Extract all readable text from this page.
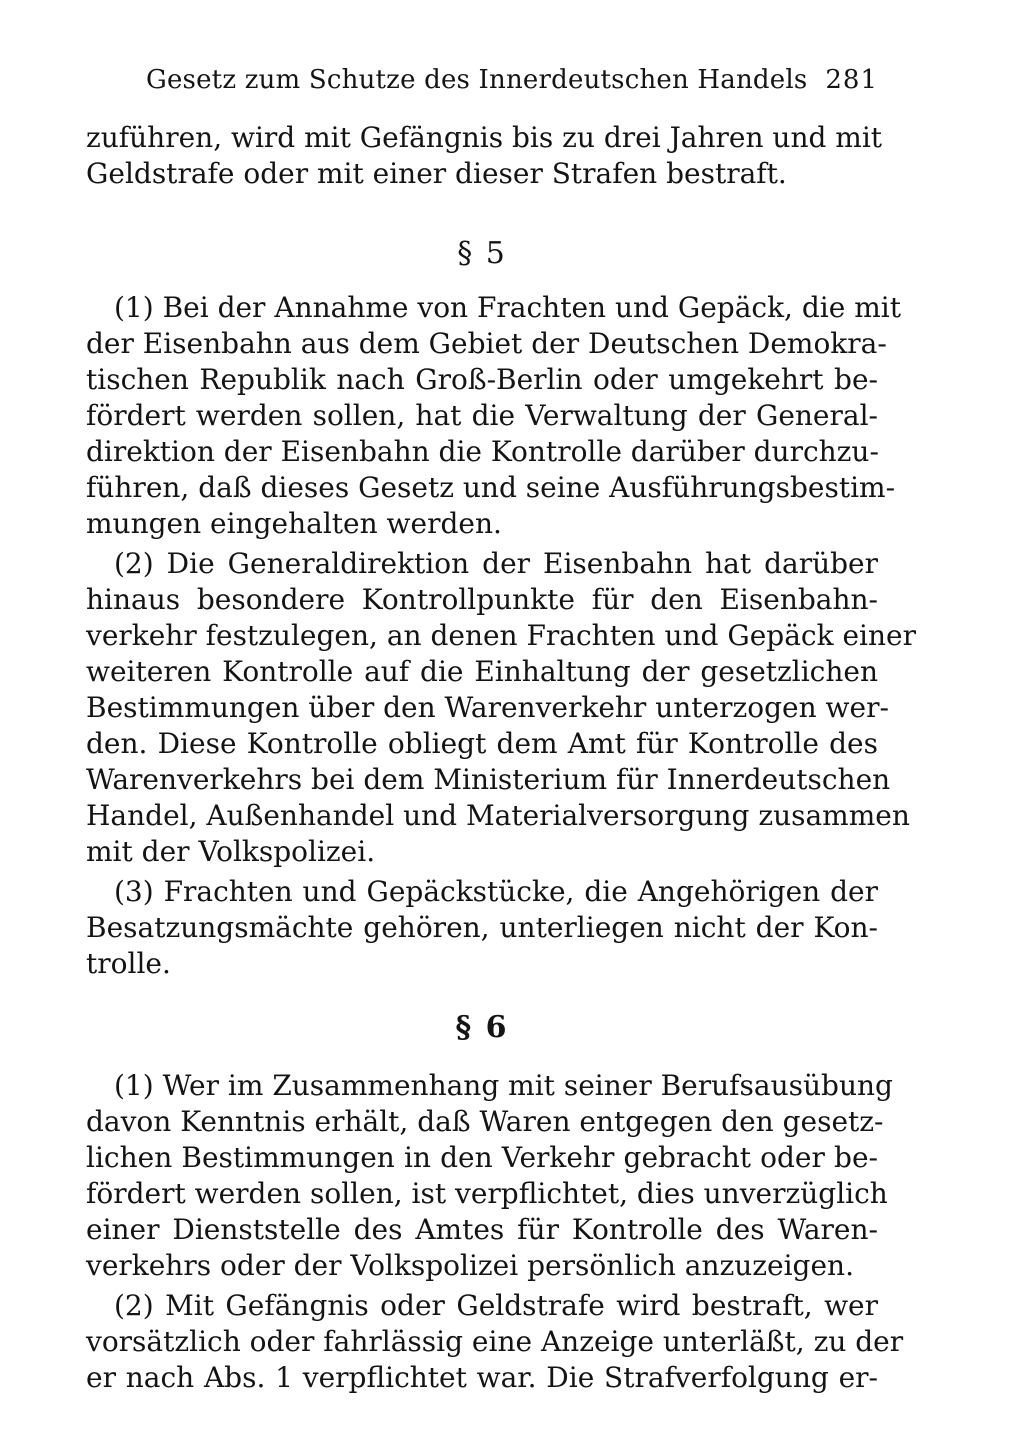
Gesetz zum Schutze des Innerdeutschen Handels 281
zuführen, wird mit Gefängnis bis zu drei Jahren und mit
Geldstrafe oder mit einer dieser Strafen bestraft.
§ 5
(1) Bei der Annahme von Frachten und Gepäck, die mit
der Eisenbahn aus dem Gebiet der Deutschen Demokra-
tischen Republik nach Groß-Berlin oder umgekehrt be-
fördert werden sollen, hat die Verwaltung der General-
direktion der Eisenbahn die Kontrolle darüber durchzu-
führen, daß dieses Gesetz und seine Ausführungsbestim-
mungen eingehalten werden.
(2) Die Generaldirektion der Eisenbahn hat darüber
hinaus besondere Kontrollpunkte für den Eisenbahn-
verkehr festzulegen, an denen Frachten und Gepäck einer
weiteren Kontrolle auf die Einhaltung der gesetzlichen
Bestimmungen über den Warenverkehr unterzogen wer-
den. Diese Kontrolle obliegt dem Amt für Kontrolle des
Warenverkehrs bei dem Ministerium für Innerdeutschen
Handel, Außenhandel und Materialversorgung zusammen
mit der Volkspolizei.
(3) Frachten und Gepäckstücke, die Angehörigen der
Besatzungsmächte gehören, unterliegen nicht der Kon-
trolle.
§ 6
(1) Wer im Zusammenhang mit seiner Berufsausübung
davon Kenntnis erhält, daß Waren entgegen den gesetz-
lichen Bestimmungen in den Verkehr gebracht oder be-
fördert werden sollen, ist verpflichtet, dies unverzüglich
einer Dienststelle des Amtes für Kontrolle des Waren-
verkehrs oder der Volkspolizei persönlich anzuzeigen.
(2) Mit Gefängnis oder Geldstrafe wird bestraft, wer
vorsätzlich oder fahrlässig eine Anzeige unterläßt, zu der
er nach Abs. 1 verpflichtet war. Die Strafverfolgung er-
